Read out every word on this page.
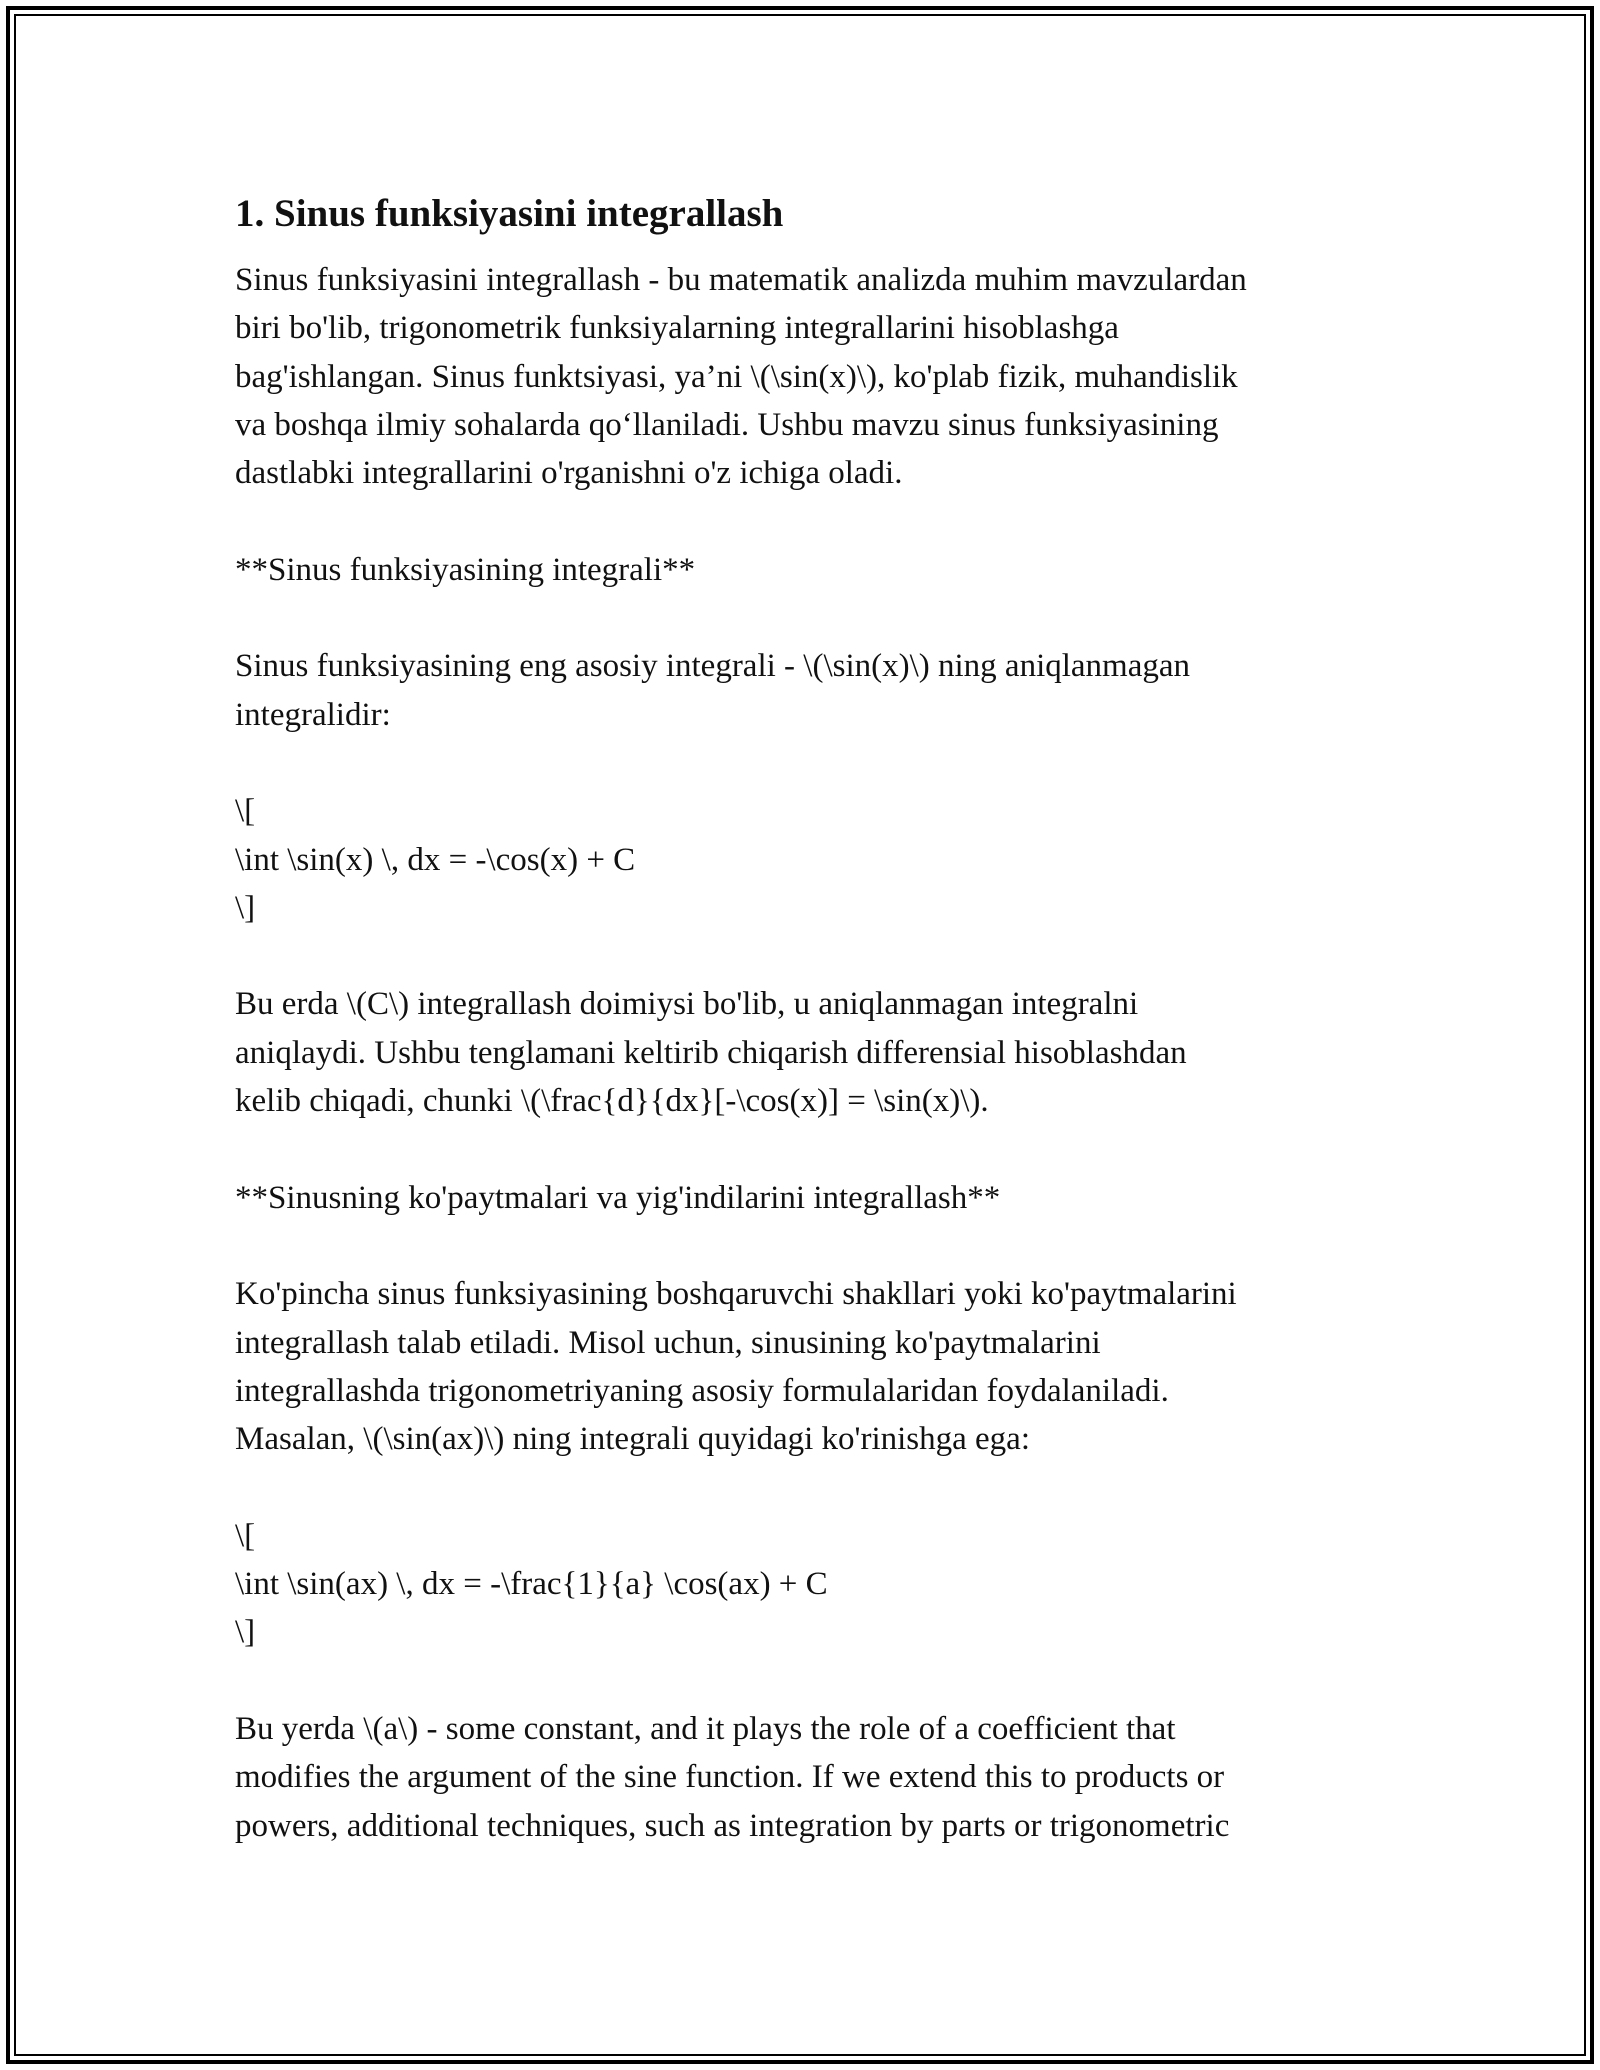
1. Sinus funksiyasini integrallash
Sinus funksiyasini integrallash - bu matematik analizda muhim mavzulardan
biri bo'lib, trigonometrik funksiyalarning integrallarini hisoblashga
bag'ishlangan. Sinus funktsiyasi, ya’ni \(\sin(x)\), ko'plab fizik, muhandislik
va boshqa ilmiy sohalarda qo‘llaniladi. Ushbu mavzu sinus funksiyasining
dastlabki integrallarini o'rganishni o'z ichiga oladi.
**Sinus funksiyasining integrali**
Sinus funksiyasining eng asosiy integrali - \(\sin(x)\) ning aniqlanmagan
integralidir:
\[
\int \sin(x) \, dx = -\cos(x) + C
\]
Bu erda \(C\) integrallash doimiysi bo'lib, u aniqlanmagan integralni
aniqlaydi. Ushbu tenglamani keltirib chiqarish differensial hisoblashdan
kelib chiqadi, chunki \(\frac{d}{dx}[-\cos(x)] = \sin(x)\).
**Sinusning ko'paytmalari va yig'indilarini integrallash**
Ko'pincha sinus funksiyasining boshqaruvchi shakllari yoki ko'paytmalarini
integrallash talab etiladi. Misol uchun, sinusining ko'paytmalarini
integrallashda trigonometriyaning asosiy formulalaridan foydalaniladi.
Masalan, \(\sin(ax)\) ning integrali quyidagi ko'rinishga ega:
\[
\int \sin(ax) \, dx = -\frac{1}{a} \cos(ax) + C
\]
Bu yerda \(a\) - some constant, and it plays the role of a coefficient that
modifies the argument of the sine function. If we extend this to products or
powers, additional techniques, such as integration by parts or trigonometric
